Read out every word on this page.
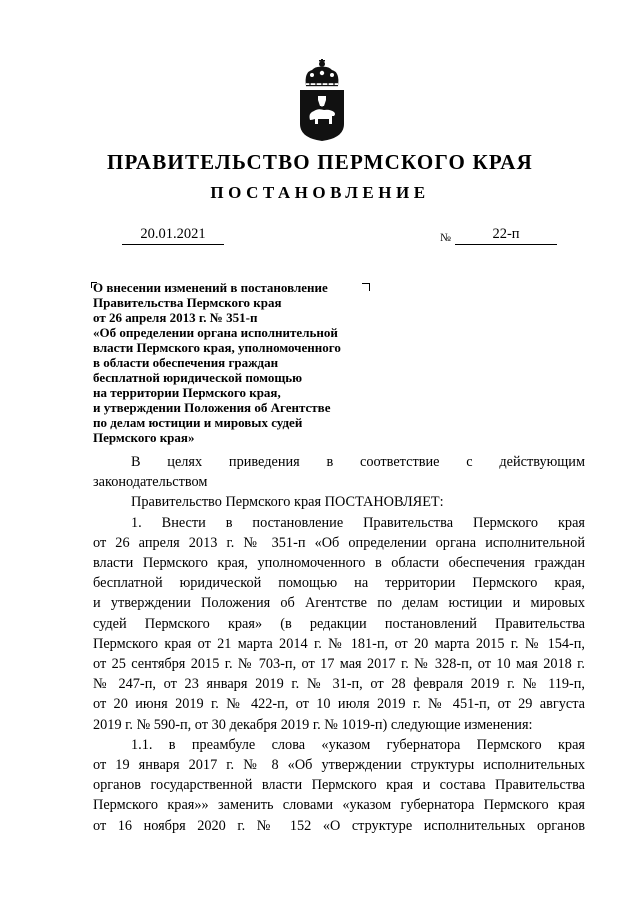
ПРАВИТЕЛЬСТВО ПЕРМСКОГО КРАЯ
ПОСТАНОВЛЕНИЕ
20.01.2021	№	22-п
О внесении изменений в постановление
Правительства Пермского края
от 26 апреля 2013 г. № 351-п
«Об определении органа исполнительной
власти Пермского края, уполномоченного
в области обеспечения граждан
бесплатной юридической помощью
на территории Пермского края,
и утверждении Положения об Агентстве
по делам юстиции и мировых судей
Пермского края»

В целях приведения в соответствие с действующим

законодательством

Правительство Пермского края ПОСТАНОВЛЯЕТ:

1. Внести в постановление Правительства Пермского края

от 26 апреля 2013 г. № 351-п «Об определении органа исполнительной

власти Пермского края, уполномоченного в области обеспечения граждан

бесплатной юридической помощью на территории Пермского края,

и утверждении Положения об Агентстве по делам юстиции и мировых

судей Пермского края» (в редакции постановлений Правительства

Пермского края от 21 марта 2014 г. № 181-п, от 20 марта 2015 г. № 154-п,

от 25 сентября 2015 г. № 703-п, от 17 мая 2017 г. № 328-п, от 10 мая 2018 г.

№ 247-п, от 23 января 2019 г. № 31-п, от 28 февраля 2019 г. № 119-п,

от 20 июня 2019 г. № 422-п, от 10 июля 2019 г. № 451-п, от 29 августа

2019 г. № 590-п, от 30 декабря 2019 г. № 1019-п) следующие изменения:

1.1. в преамбуле слова «указом губернатора Пермского края

от 19 января 2017 г. № 8 «Об утверждении структуры исполнительных

органов государственной власти Пермского края и состава Правительства

Пермского края»» заменить словами «указом губернатора Пермского края

от 16 ноября 2020 г. № 152 «О структуре исполнительных органов
